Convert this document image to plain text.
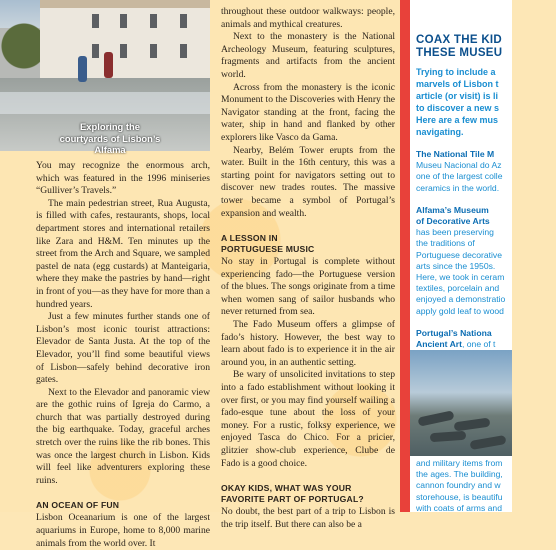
Exploring the courtyards of Lisbon’s Alfama

You may recognize the enormous arch, which was featured in the 1996 miniseries “Gulliver’s Travels.”

The main pedestrian street, Rua Augusta, is filled with cafes, restaurants, shops, local department stores and international retailers like Zara and H&M. Ten minutes up the street from the Arch and Square, we sampled pastel de nata (egg custards) at Manteigaria, where they make the pastries by hand—right in front of you—as they have for more than a hundred years.

Just a few minutes further stands one of Lisbon’s most iconic tourist attractions: Elevador de Santa Justa. At the top of the Elevador, you’ll find some beautiful views of Lisbon—safely behind decorative iron gates.

Next to the Elevador and panoramic view are the gothic ruins of Igreja do Carmo, a church that was partially destroyed during the big earthquake. Today, graceful arches stretch over the ruins like the rib bones. This was once the largest church in Lisbon. Kids will feel like adventurers exploring these ruins.

AN OCEAN OF FUN

Lisbon Oceanarium is one of the largest aquariums in Europe, home to 8,000 marine animals from the world over. It

throughout these outdoor walkways: people, animals and mythical creatures.

Next to the monastery is the National Archeology Museum, featuring sculptures, fragments and artifacts from the ancient world.

Across from the monastery is the iconic Monument to the Discoveries with Henry the Navigator standing at the front, facing the water, ship in hand and flanked by other explorers like Vasco da Gama.

Nearby, Belém Tower erupts from the water. Built in the 16th century, this was a starting point for navigators setting out to discover new trades routes. The massive tower became a symbol of Portugal’s expansion and wealth.

A LESSON IN
PORTUGUESE MUSIC

No stay in Portugal is complete without experiencing fado—the Portuguese version of the blues. The songs originate from a time when women sang of sailor husbands who never returned from sea.

The Fado Museum offers a glimpse of fado’s history. However, the best way to learn about fado is to experience it in the air around you, in an authentic setting.

Be wary of unsolicited invitations to step into a fado establishment without looking it over first, or you may find yourself wailing a fado-esque tune about the loss of your money. For a rustic, folksy experience, we enjoyed Tasca do Chico. For a pricier, glitzier show-club experience, Clube de Fado is a good choice.

OKAY KIDS, WHAT WAS YOUR
FAVORITE PART OF PORTUGAL?

No doubt, the best part of a trip to Lisbon is the trip itself. But there can also be a

COAX THE KID
THESE MUSEU
Trying to include a
marvels of Lisbon t
article (or visit) is li
to discover a new s
Here are a few mus
navigating.
The National Tile M
Museu Nacional do Az
one of the largest colle
ceramics in the world.
Alfama’s Museum
of Decorative Arts
has been preserving
the traditions of
Portuguese decorative
arts since the 1950s.
Here, we took in ceram
textiles, porcelain and
enjoyed a demonstratio
apply gold leaf to wood
Portugal’s Nationa
Ancient Art, one of t
and military items from
the ages. The building,
cannon foundry and w
storehouse, is beautifu
with coats of arms and
